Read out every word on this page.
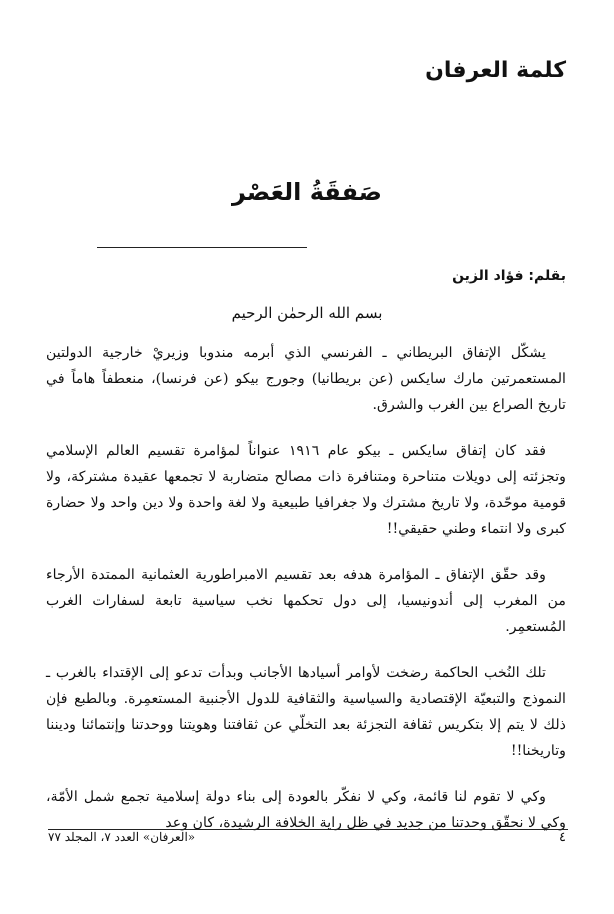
كلمة العرفان
صَفقَةُ العَصْر
بقلم: فؤاد الزين
بسم الله الرحمٰن الرحيم

يشكّل الإتفاق البريطاني ـ الفرنسي الذي أبرمه مندوبا وزيريْ خارجية الدولتين المستعمرتين مارك سايكس (عن بريطانيا) وجورج بيكو (عن فرنسا)، منعطفاً هاماً في تاريخ الصراع بين الغرب والشرق.

فقد كان إتفاق سايكس ـ بيكو عام ١٩١٦ عنواناً لمؤامرة تقسيم العالم الإسلامي وتجزئته إلى دويلات متناحرة ومتنافرة ذات مصالح متضاربة لا تجمعها عقيدة مشتركة، ولا قومية موحّدة، ولا تاريخ مشترك ولا جغرافيا طبيعية ولا لغة واحدة ولا دين واحد ولا حضارة كبرى ولا انتماء وطني حقيقي!!

وقد حقّق الإتفاق ـ المؤامرة هدفه بعد تقسيم الامبراطورية العثمانية الممتدة الأرجاء من المغرب إلى أندونيسيا، إلى دول تحكمها نخب سياسية تابعة لسفارات الغرب المُستعمِر.

تلك النُخب الحاكمة رضخت لأوامر أسيادها الأجانب وبدأت تدعو إلى الإقتداء بالغرب ـ النموذج والتبعيّة الإقتصادية والسياسية والثقافية للدول الأجنبية المستعمِرة. وبالطبع فإن ذلك لا يتم إلا بتكريس ثقافة التجزئة بعد التخلّي عن ثقافتنا وهويتنا ووحدتنا وإنتمائنا وديننا وتاريخنا!!

وكي لا تقوم لنا قائمة، وكي لا نفكّر بالعودة إلى بناء دولة إسلامية تجمع شمل الأمّة، وكي لا نحقّق وحدتنا من جديد في ظل راية الخلافة الرشيدة، كان وعد

٤
«العرفان» العدد ٧، المجلد ٧٧
